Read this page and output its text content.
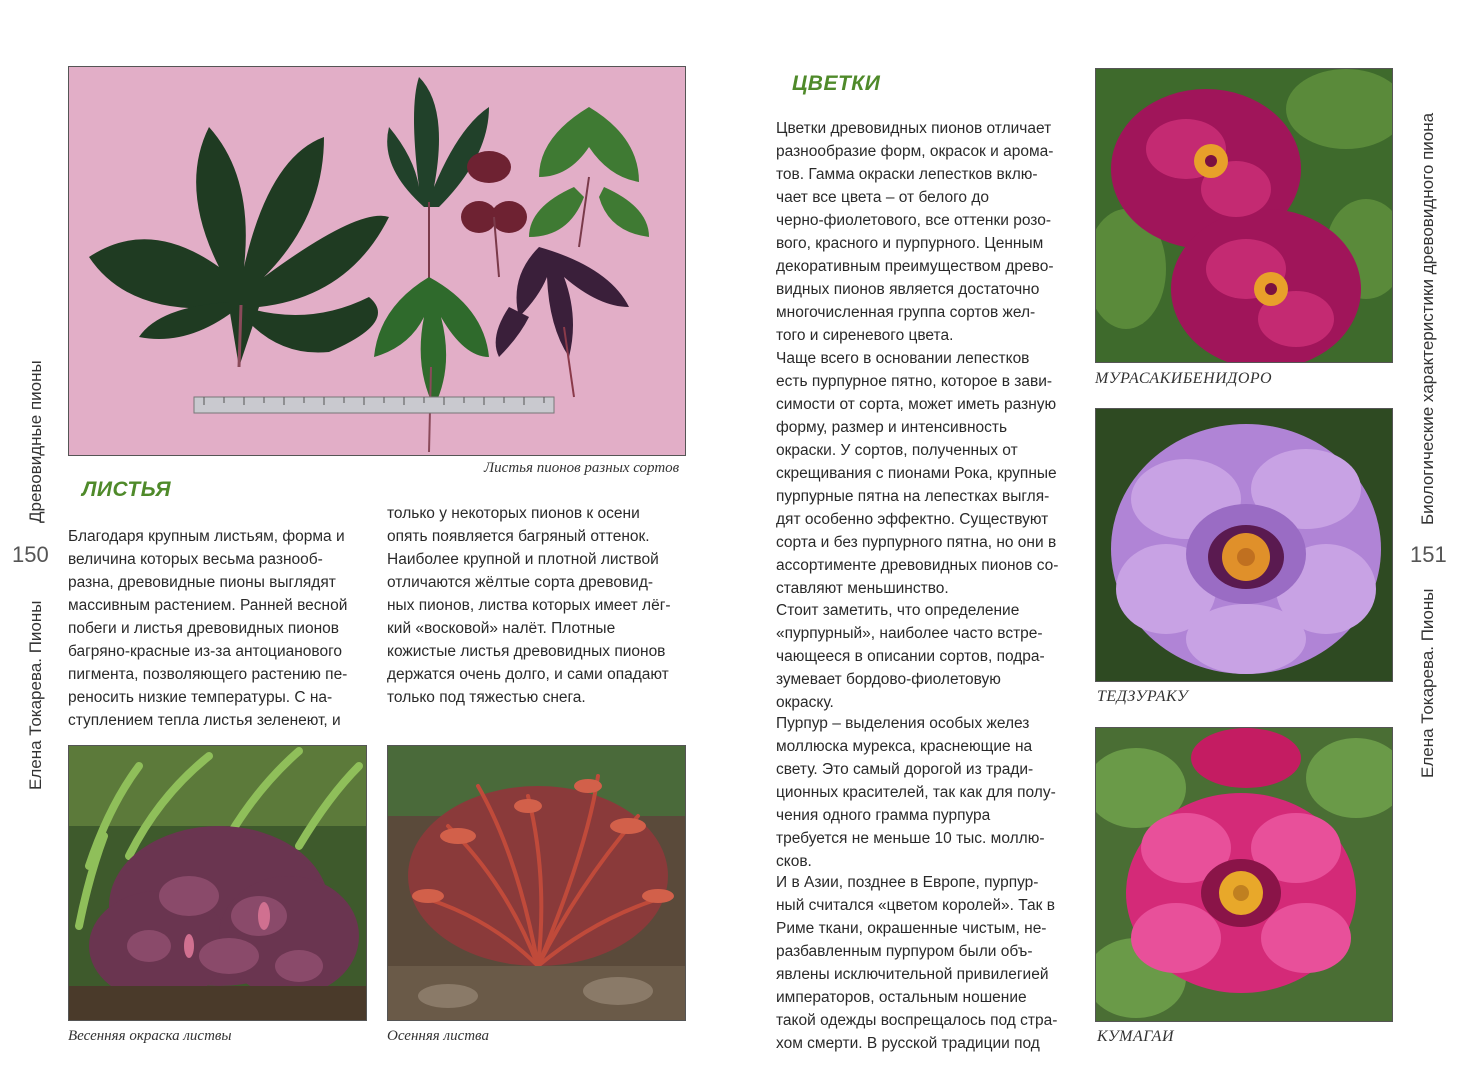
Елена Токарева. Пионы
150
Древовидные пионы	Листья пионов разных сортов
ЛИСТЬЯ
Благодаря крупным листьям, форма и
величина которых весьма разнооб-
разна, древовидные пионы выглядят
массивным растением. Ранней весной
побеги и листья древовидных пионов
багряно-красные из-за антоцианового
пигмента, позволяющего растению пе-
реносить низкие температуры. С на-
ступлением тепла листья зеленеют, и
только у некоторых пионов к осени
опять появляется багряный оттенок.
Наиболее крупной и плотной листвой
отличаются жёлтые сорта древовид-
ных пионов, листва которых имеет лёг-
кий «восковой» налёт. Плотные
кожистые листья древовидных пионов
держатся очень долго, и сами опадают
только под тяжестью снега.
Весенняя окраска листвы	Осенняя листва
ЦВЕТКИ
Цветки древовидных пионов отличает
разнообразие форм, окрасок и арома-
тов. Гамма окраски лепестков вклю-
чает все цвета – от белого до
черно-фиолетового, все оттенки розо-
вого, красного и пурпурного. Ценным
декоративным преимуществом древо-
видных пионов является достаточно
многочисленная группа сортов жел-
того и сиреневого цвета.
Чаще всего в основании лепестков
есть пурпурное пятно, которое в зави-
симости от сорта, может иметь разную
форму, размер и интенсивность
окраски. У сортов, полученных от
скрещивания с пионами Рока, крупные
пурпурные пятна на лепестках выгля-
дят особенно эффектно. Существуют
сорта и без пурпурного пятна, но они в
ассортименте древовидных пионов со-
ставляют меньшинство.
Стоит заметить, что определение
«пурпурный», наиболее часто встре-
чающееся в описании сортов, подра-
зумевает бордово-фиолетовую
окраску.
Пурпур – выделения особых желез
моллюска мурекса, краснеющие на
свету. Это самый дорогой из тради-
ционных красителей, так как для полу-
чения одного грамма пурпура
требуется не меньше 10 тыс. моллю-
сков.
И в Азии, позднее в Европе, пурпур-
ный считался «цветом королей». Так в
Риме ткани, окрашенные чистым, не-
разбавленным пурпуром были объ-
явлены исключительной привилегией
императоров, остальным ношение
такой одежды воспрещалось под стра-
хом смерти. В русской традиции под
МУРАСАКИБЕНИДОРО
ТЕДЗУРАКУ
КУМАГАИ
Биологические характеристики древовидного пиона
151
Елена Токарева. Пионы
